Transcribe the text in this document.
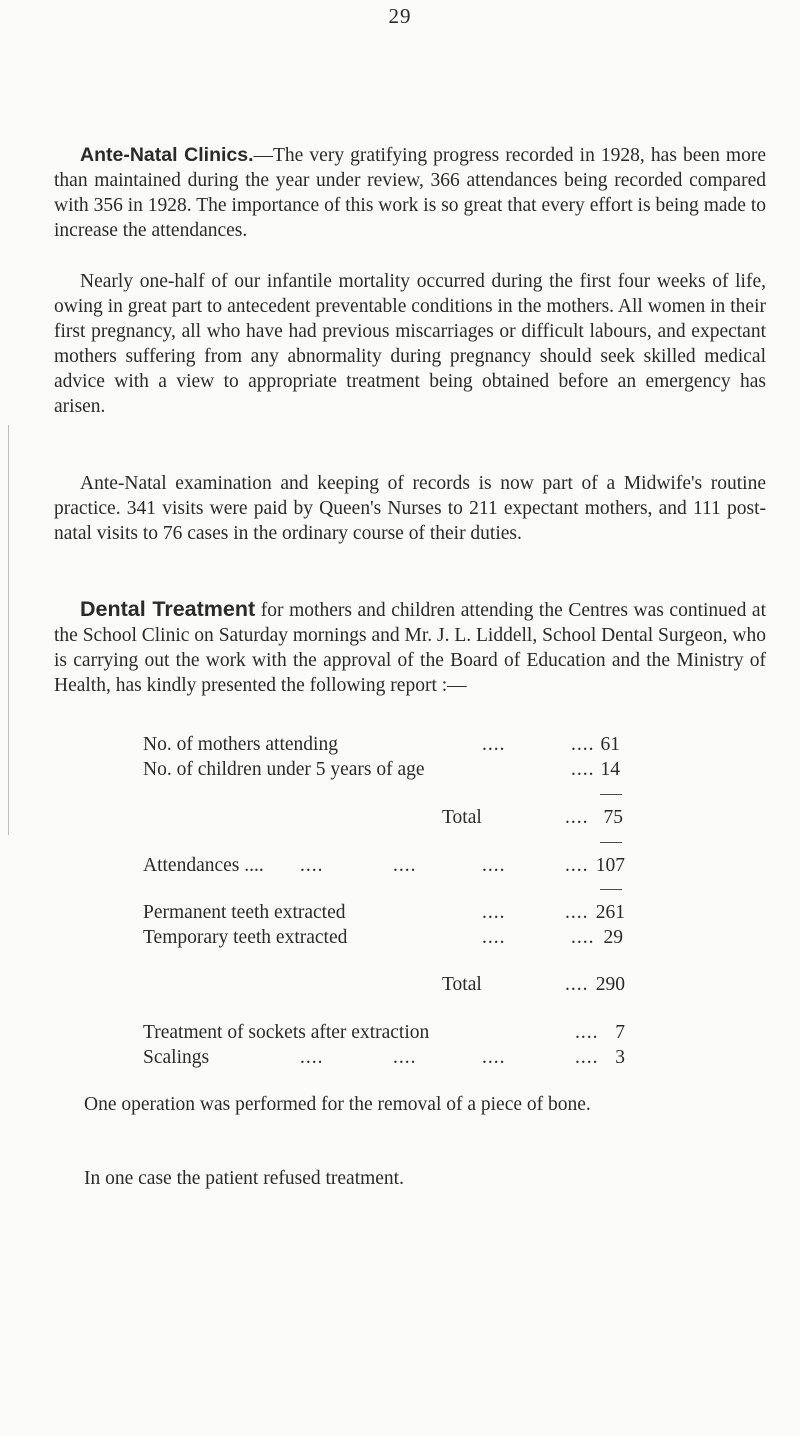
29

Ante-Natal Clinics.—The very gratifying progress recorded in 1928, has been more than maintained during the year under review, 366 attendances being recorded compared with 356 in 1928. The importance of this work is so great that every effort is being made to increase the attendances.

Nearly one-half of our infantile mortality occurred during the first four weeks of life, owing in great part to antecedent preventable conditions in the mothers. All women in their first pregnancy, all who have had previous miscarriages or difficult labours, and expectant mothers suffering from any abnormality during pregnancy should seek skilled medical advice with a view to appropriate treatment being obtained before an emergency has arisen.

Ante-Natal examination and keeping of records is now part of a Midwife's routine practice. 341 visits were paid by Queen's Nurses to 211 expectant mothers, and 111 post-natal visits to 76 cases in the ordinary course of their duties.

Dental Treatment for mothers and children attending the Centres was continued at the School Clinic on Saturday mornings and Mr. J. L. Liddell, School Dental Surgeon, who is carrying out the work with the approval of the Board of Education and the Ministry of Health, has kindly presented the following report :—

No. of mothers attending	....	.... 61
No. of children under 5 years of age	.... 14
Total	.... 75
Attendances .... ....	....	....	.... 107
Permanent teeth extracted	....	.... 261
Temporary teeth extracted	....	.... 29
Total	.... 290
Treatment of sockets after extraction	.... 7
Scalings	....	....	....	.... 3

One operation was performed for the removal of a piece of bone.

In one case the patient refused treatment.
